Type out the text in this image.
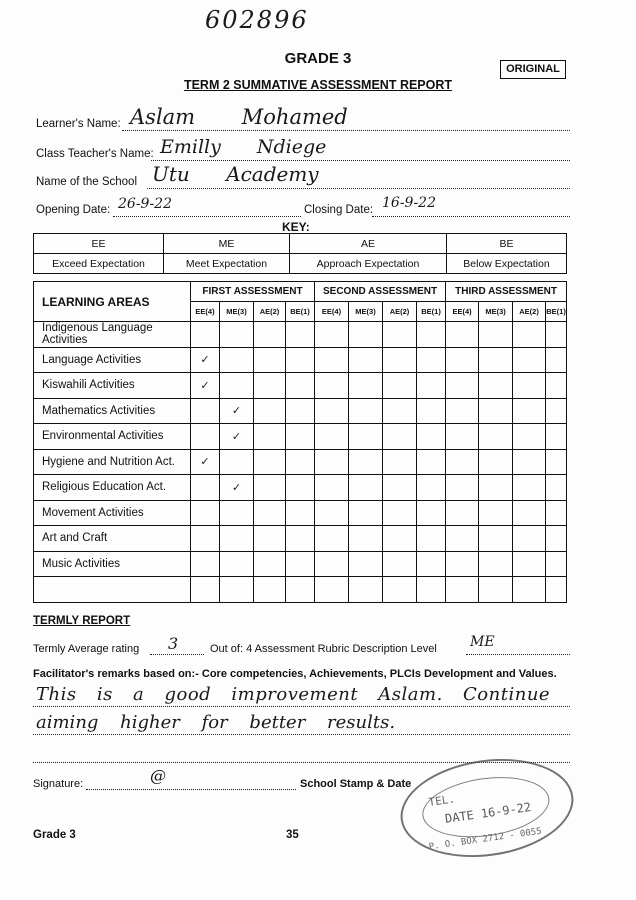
602896
GRADE 3
ORIGINAL
TERM 2 SUMMATIVE ASSESSMENT REPORT
Learner's Name: Aslam Mohamed
Class Teacher's Name: Emilly Ndiege
Name of the School Utu Academy
Opening Date: 26-9-22	Closing Date: 16-9-22
KEY:
EE	ME	AE	BE
Exceed Expectation	Meet Expectation	Approach Expectation	Below Expectation
LEARNING AREAS	FIRST ASSESSMENT				SECOND ASSESSMENT				THIRD ASSESSMENT			
	EE(4)	ME(3)	AE(2)	BE(1)	EE(4)	ME(3)	AE(2)	BE(1)	EE(4)	ME(3)	AE(2)	BE(1)
Indigenous Language Activities												
Language Activities	✓											
Kiswahili Activities	✓											
Mathematics Activities		✓										
Environmental Activities		✓										
Hygiene and Nutrition Act.	✓											
Religious Education Act.		✓										
Movement Activities												
Art and Craft												
Music Activities												

TERMLY REPORT
Termly Average rating 3	Out of: 4 Assessment Rubric Description Level ME
Facilitator's remarks based on:- Core competencies, Achievements, PLCIs Development and Values.
This is a good improvement Aslam. Continue
aiming higher for better results.
Signature:	@	School Stamp & Date
TEL.
DATE 16-9-22
P. O. BOX 2712 - 0055
Grade 3	35
